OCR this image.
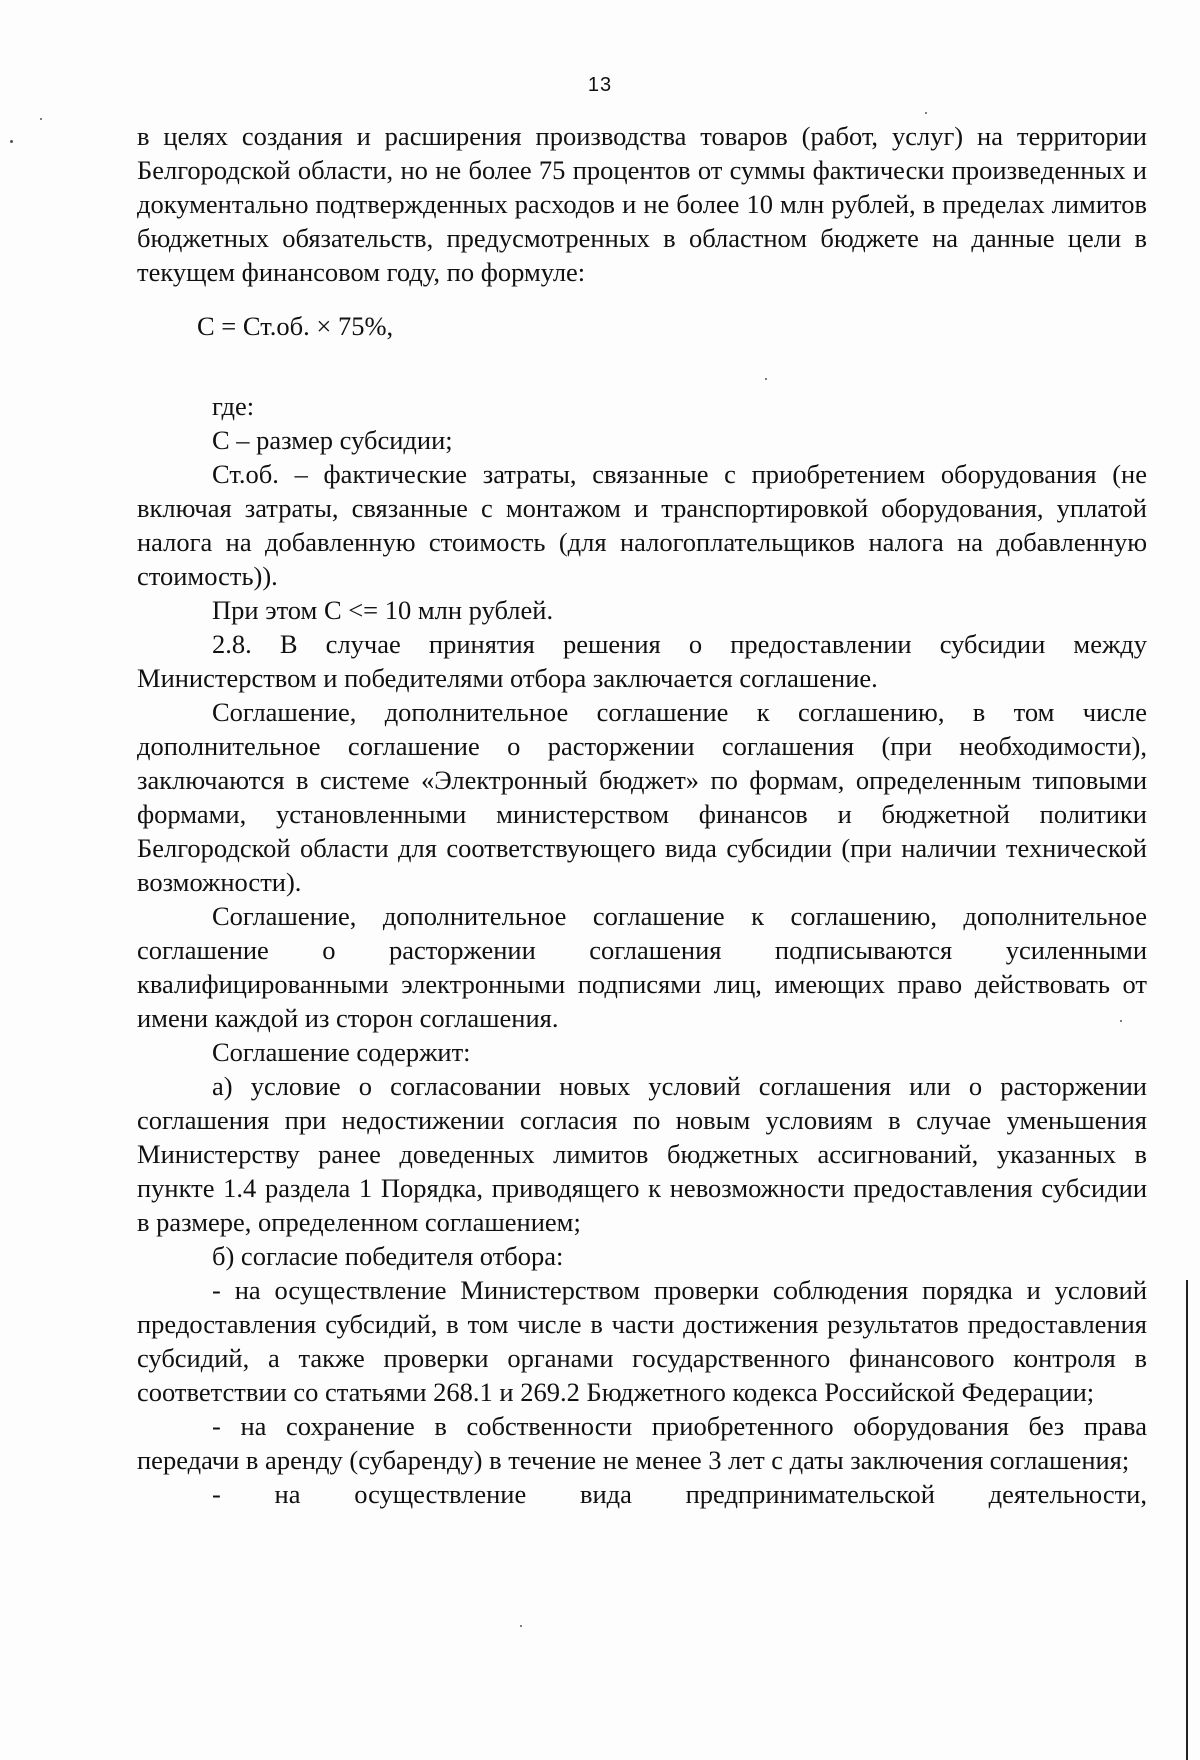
13

в целях создания и расширения производства товаров (работ, услуг) на территории Белгородской области, но не более 75 процентов от суммы фактически произведенных и документально подтвержденных расходов и не более 10 млн рублей, в пределах лимитов бюджетных обязательств, предусмотренных в областном бюджете на данные цели в текущем финансовом году, по формуле:

С = Ст.об. × 75%,

где:

С – размер субсидии;

Ст.об. – фактические затраты, связанные с приобретением оборудования (не включая затраты, связанные с монтажом и транспортировкой оборудования, уплатой налога на добавленную стоимость (для налогоплательщиков налога на добавленную стоимость)).

При этом С <= 10 млн рублей.

2.8. В случае принятия решения о предоставлении субсидии между Министерством и победителями отбора заключается соглашение.

Соглашение, дополнительное соглашение к соглашению, в том числе дополнительное соглашение о расторжении соглашения (при необходимости), заключаются в системе «Электронный бюджет» по формам, определенным типовыми формами, установленными министерством финансов и бюджетной политики Белгородской области для соответствующего вида субсидии (при наличии технической возможности).

Соглашение, дополнительное соглашение к соглашению, дополнительное соглашение о расторжении соглашения подписываются усиленными квалифицированными электронными подписями лиц, имеющих право действовать от имени каждой из сторон соглашения.

Соглашение содержит:

а) условие о согласовании новых условий соглашения или о расторжении соглашения при недостижении согласия по новым условиям в случае уменьшения Министерству ранее доведенных лимитов бюджетных ассигнований, указанных в пункте 1.4 раздела 1 Порядка, приводящего к невозможности предоставления субсидии в размере, определенном соглашением;

б) согласие победителя отбора:

- на осуществление Министерством проверки соблюдения порядка и условий предоставления субсидий, в том числе в части достижения результатов предоставления субсидий, а также проверки органами государственного финансового контроля в соответствии со статьями 268.1 и 269.2 Бюджетного кодекса Российской Федерации;

- на сохранение в собственности приобретенного оборудования без права передачи в аренду (субаренду) в течение не менее 3 лет с даты заключения соглашения;

- на осуществление вида предпринимательской деятельности,
